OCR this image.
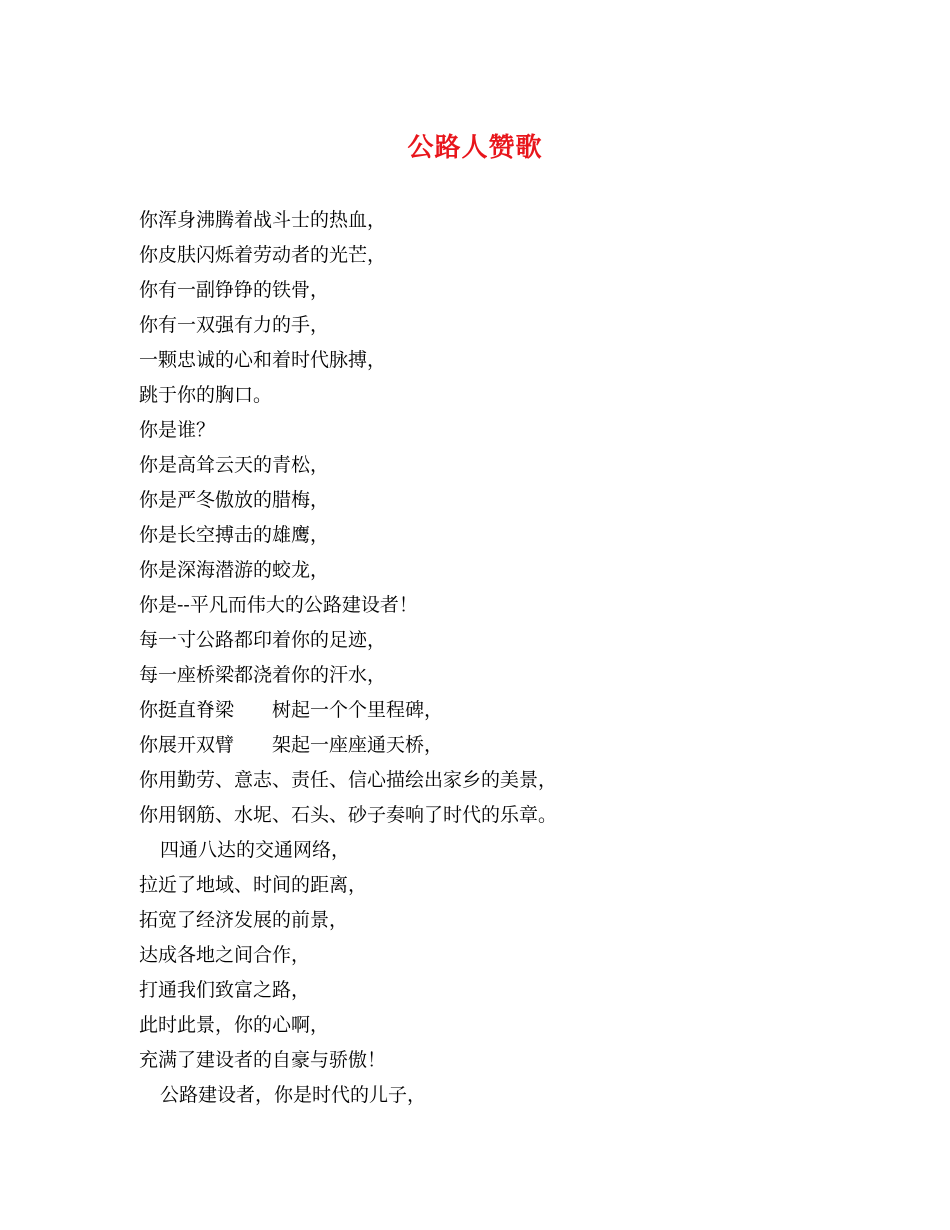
公路人赞歌
你浑身沸腾着战斗士的热血，
你皮肤闪烁着劳动者的光芒，
你有一副铮铮的铁骨，
你有一双强有力的手，
一颗忠诚的心和着时代脉搏，
跳于你的胸口。
你是谁？
你是高耸云天的青松，
你是严冬傲放的腊梅，
你是长空搏击的雄鹰，
你是深海潜游的蛟龙，
你是--平凡而伟大的公路建设者！
每一寸公路都印着你的足迹，
每一座桥梁都浇着你的汗水，
你挺直脊梁　　树起一个个里程碑，
你展开双臂　　架起一座座通天桥，
你用勤劳、意志、责任、信心描绘出家乡的美景，
你用钢筋、水坭、石头、砂子奏响了时代的乐章。
四通八达的交通网络，
拉近了地域、时间的距离，
拓宽了经济发展的前景，
达成各地之间合作，
打通我们致富之路，
此时此景，你的心啊，
充满了建设者的自豪与骄傲！
公路建设者，你是时代的儿子，
